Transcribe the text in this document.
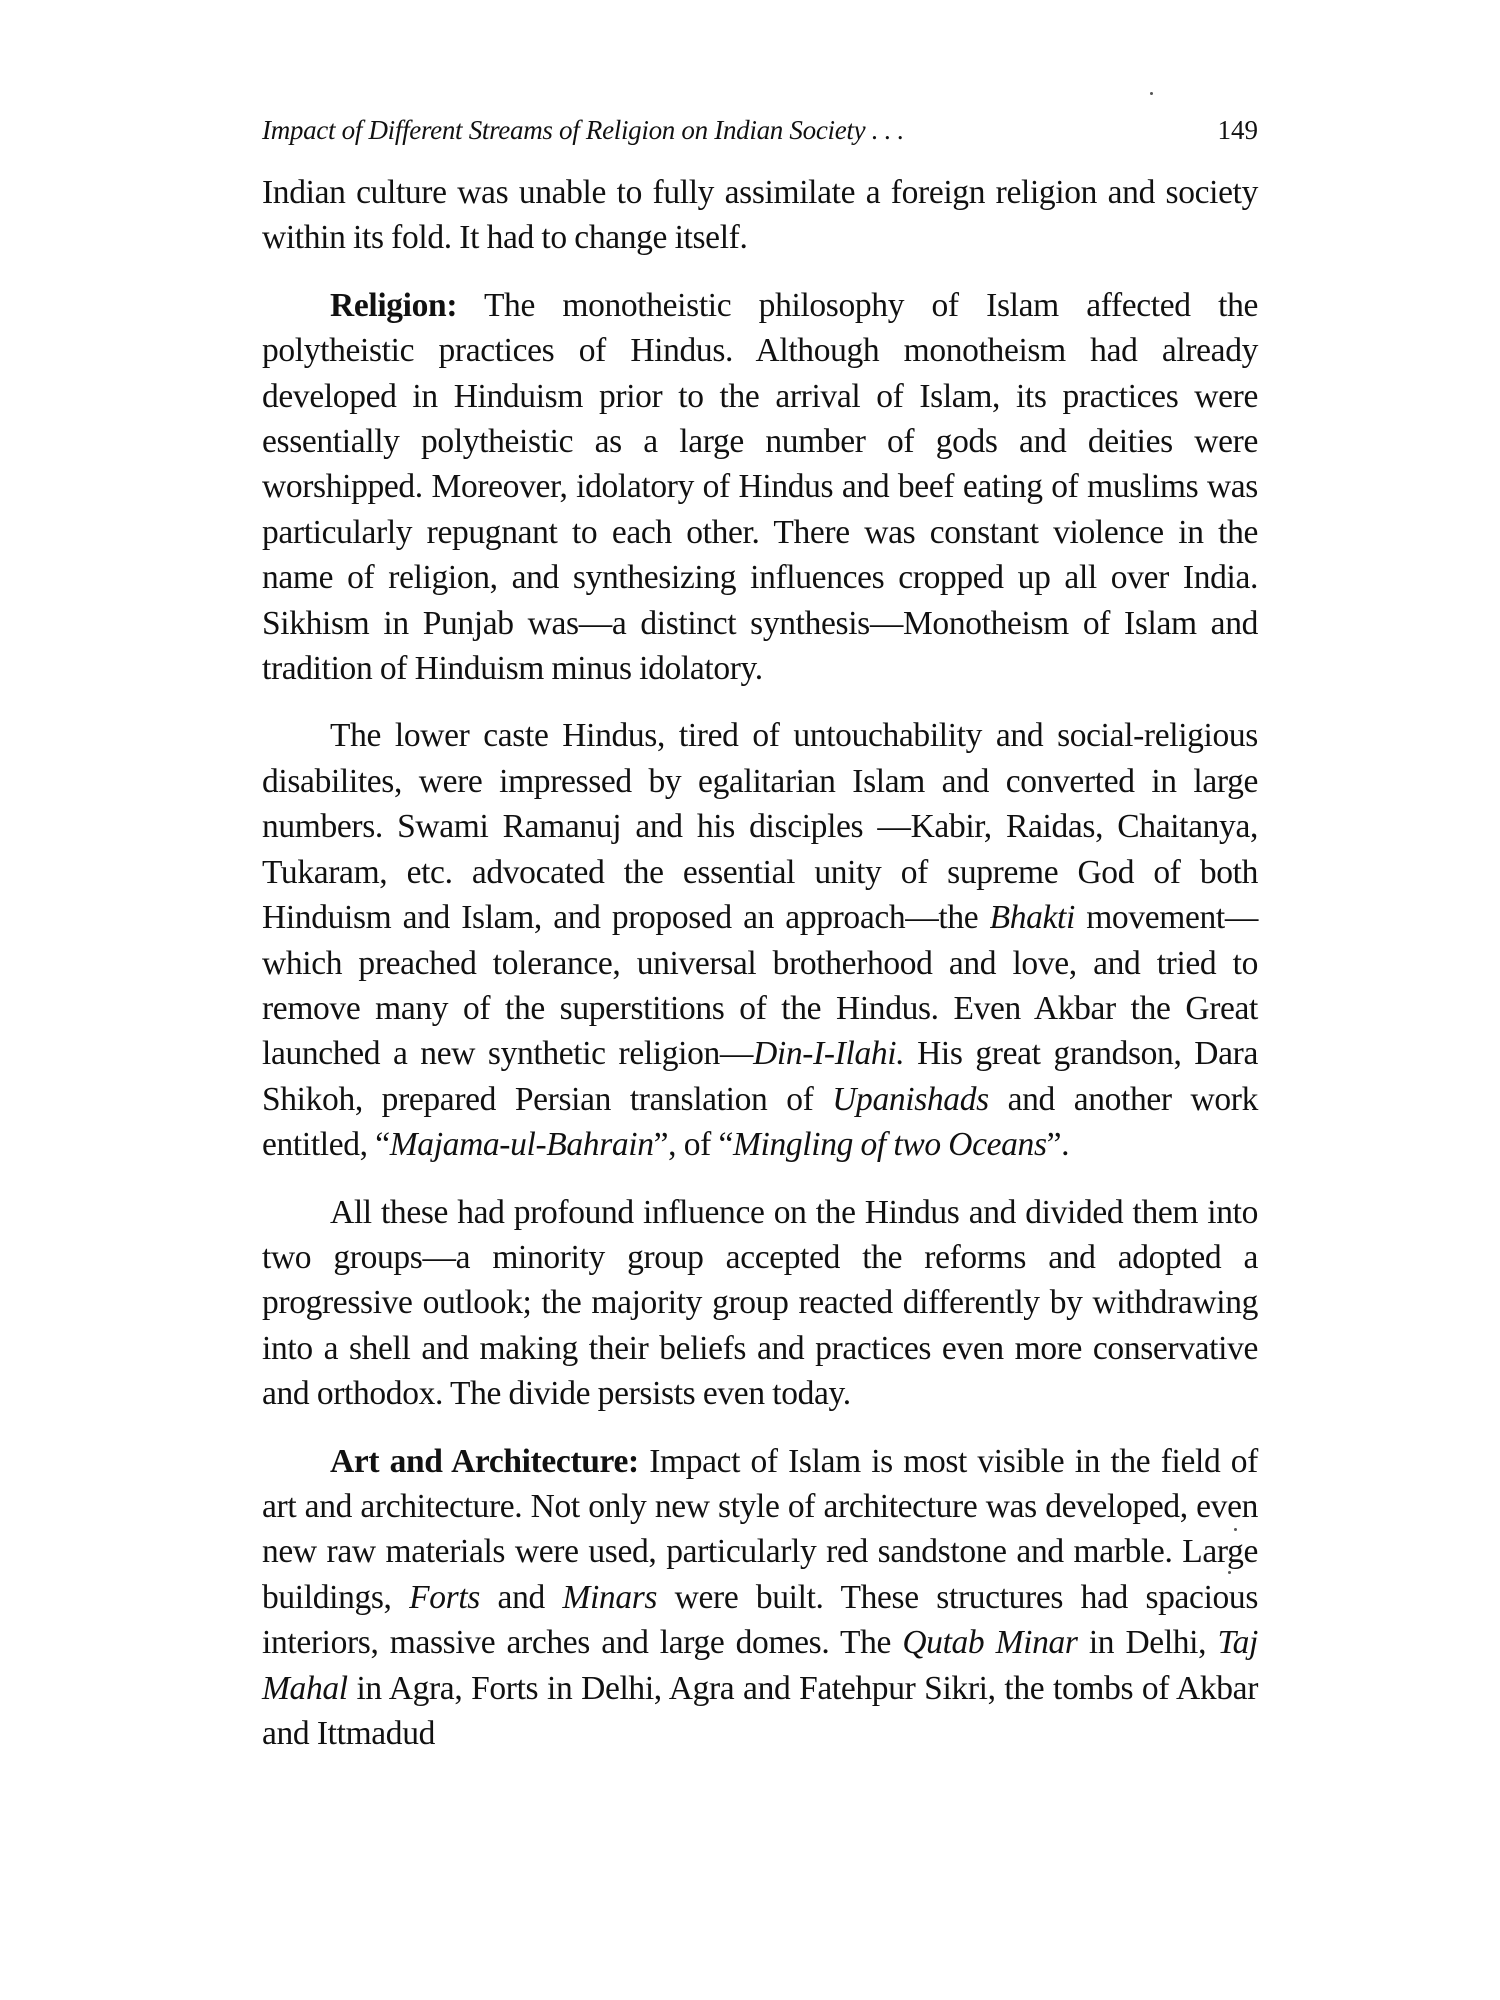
Impact of Different Streams of Religion on Indian Society . . .	149

Indian culture was unable to fully assimilate a foreign religion and society within its fold. It had to change itself.

Religion: The monotheistic philosophy of Islam affected the polytheistic practices of Hindus. Although monotheism had already developed in Hinduism prior to the arrival of Islam, its practices were essentially polytheistic as a large number of gods and deities were worshipped. Moreover, idolatory of Hindus and beef eating of muslims was particularly repugnant to each other. There was constant violence in the name of religion, and synthesizing influences cropped up all over India. Sikhism in Punjab was—a distinct synthesis—Monotheism of Islam and tradition of Hinduism minus idolatory.

The lower caste Hindus, tired of untouchability and social-religious disabilites, were impressed by egalitarian Islam and converted in large numbers. Swami Ramanuj and his disciples —Kabir, Raidas, Chaitanya, Tukaram, etc. advocated the essential unity of supreme God of both Hinduism and Islam, and proposed an approach—the Bhakti movement—which preached tolerance, universal brotherhood and love, and tried to remove many of the superstitions of the Hindus. Even Akbar the Great launched a new synthetic religion—Din-I-Ilahi. His great grandson, Dara Shikoh, prepared Persian translation of Upanishads and another work entitled, “Majama-ul-Bahrain”, of “Mingling of two Oceans”.

All these had profound influence on the Hindus and divided them into two groups—a minority group accepted the reforms and adopted a progressive outlook; the majority group reacted differently by withdrawing into a shell and making their beliefs and practices even more conservative and orthodox. The divide persists even today.

Art and Architecture: Impact of Islam is most visible in the field of art and architecture. Not only new style of architecture was developed, even new raw materials were used, particularly red sandstone and marble. Large buildings, Forts and Minars were built. These structures had spacious interiors, massive arches and large domes. The Qutab Minar in Delhi, Taj Mahal in Agra, Forts in Delhi, Agra and Fatehpur Sikri, the tombs of Akbar and Ittmadud
